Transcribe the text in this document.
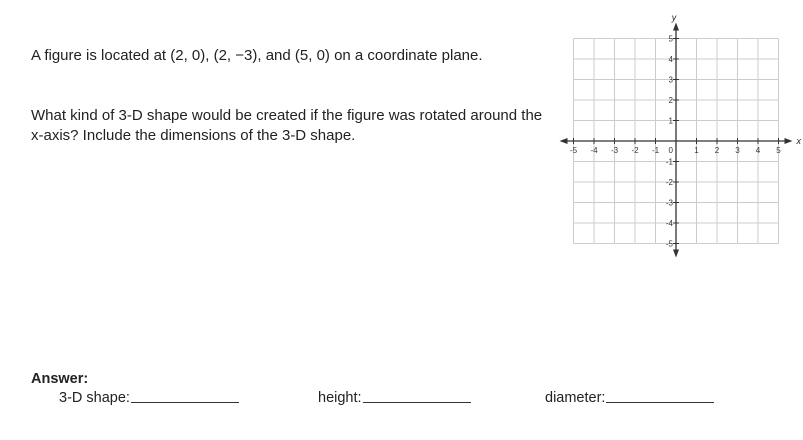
A figure is located at (2, 0), (2, −3), and (5, 0) on a coordinate plane.
What kind of 3-D shape would be created if the figure was rotated around the x-axis? Include the dimensions of the 3-D shape.	x
y
-5 -4 -3 -2 -1	1 2 3 4 5
5
4
3
2
1
-1
-2
-3
-4
-5
0
Answer:
3-D shape:	height:	diameter:
